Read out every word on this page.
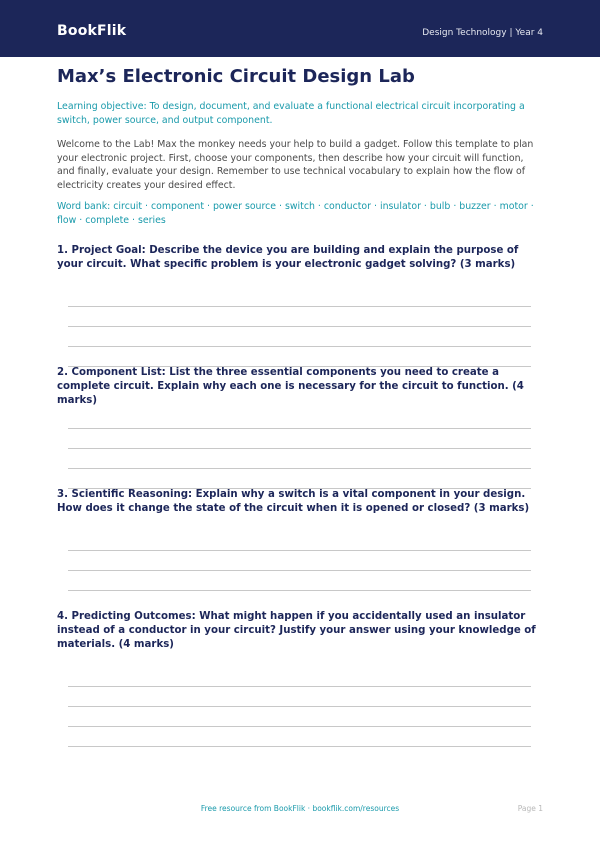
BookFlik	Design Technology | Year 4
Max’s Electronic Circuit Design Lab
Learning objective: To design, document, and evaluate a functional electrical circuit incorporating a switch, power source, and output component.
Welcome to the Lab! Max the monkey needs your help to build a gadget. Follow this template to plan your electronic project. First, choose your components, then describe how your circuit will function, and finally, evaluate your design. Remember to use technical vocabulary to explain how the flow of electricity creates your desired effect.
Word bank: circuit · component · power source · switch · conductor · insulator · bulb · buzzer · motor · flow · complete · series
1. Project Goal: Describe the device you are building and explain the purpose of your circuit. What specific problem is your electronic gadget solving? (3 marks)
2. Component List: List the three essential components you need to create a complete circuit. Explain why each one is necessary for the circuit to function. (4 marks)
3. Scientific Reasoning: Explain why a switch is a vital component in your design. How does it change the state of the circuit when it is opened or closed? (3 marks)
4. Predicting Outcomes: What might happen if you accidentally used an insulator instead of a conductor in your circuit? Justify your answer using your knowledge of materials. (4 marks)
Free resource from BookFlik · bookflik.com/resources	Page 1
